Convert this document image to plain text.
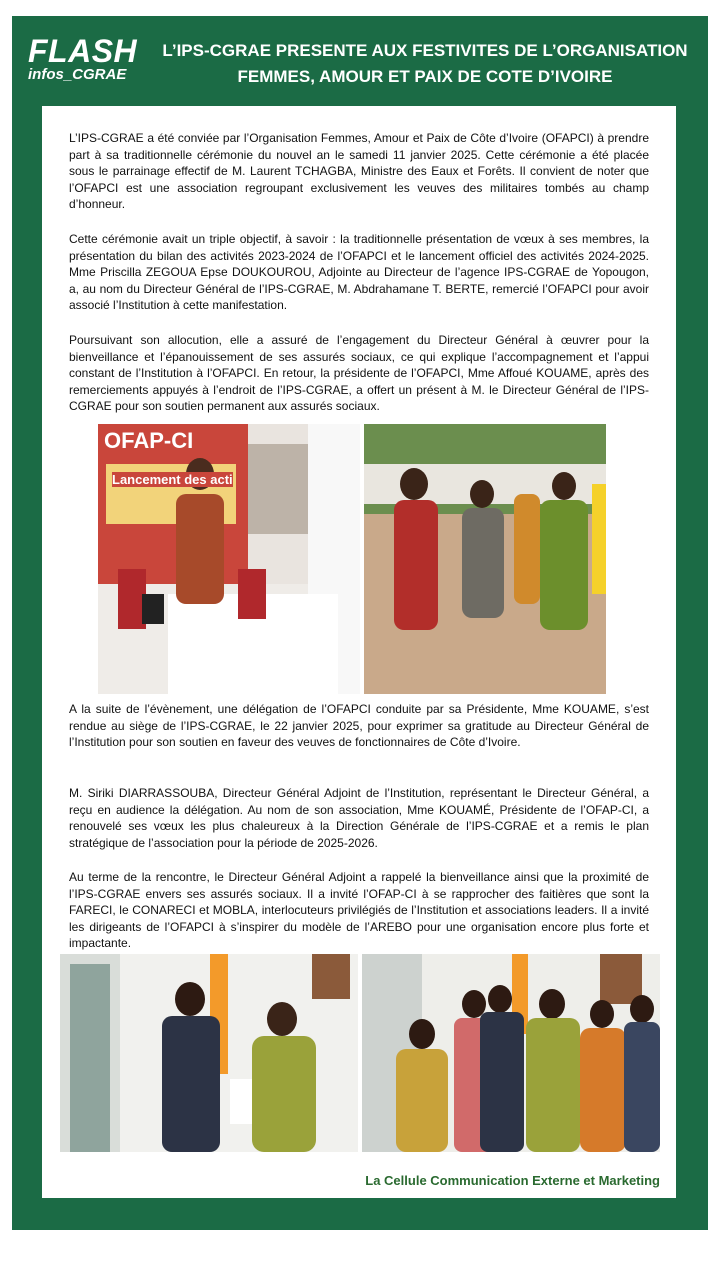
FLASH
infos_CGRAE
L’IPS-CGRAE PRESENTE AUX FESTIVITES DE L’ORGANISATION
FEMMES, AMOUR ET PAIX DE COTE D’IVOIRE

L’IPS-CGRAE a été conviée par l’Organisation Femmes, Amour et Paix de Côte d’Ivoire (OFAPCI) à prendre part à sa traditionnelle cérémonie du nouvel an le samedi 11 janvier 2025. Cette cérémonie a été placée sous le parrainage effectif de M. Laurent TCHAGBA, Ministre des Eaux et Forêts. Il convient de noter que l’OFAPCI est une association regroupant exclusivement les veuves des militaires tombés au champ d’honneur.

Cette cérémonie avait un triple objectif, à savoir : la traditionnelle présentation de vœux à ses membres, la présentation du bilan des activités 2023-2024 de l’OFAPCI et le lancement officiel des activités 2024-2025. Mme Priscilla ZEGOUA Epse DOUKOUROU, Adjointe au Directeur de l’agence IPS-CGRAE de Yopougon, a, au nom du Directeur Général de l’IPS-CGRAE, M. Abdrahamane T. BERTE, remercié l’OFAPCI pour avoir associé l’Institution à cette manifestation.

Poursuivant son allocution, elle a assuré de l’engagement du Directeur Général à œuvrer pour la bienveillance et l’épanouissement de ses assurés sociaux, ce qui explique l’accompagnement et l’appui constant de l’Institution à l’OFAPCI. En retour, la présidente de l’OFAPCI, Mme Affoué KOUAME, après des remerciements appuyés à l’endroit de l’IPS-CGRAE, a offert un présent à M. le Directeur Général de l’IPS-CGRAE pour son soutien permanent aux assurés sociaux.

OFAP-CI
Lancement des acti

A la suite de l’évènement, une délégation de l’OFAPCI conduite par sa Présidente, Mme KOUAME, s’est rendue au siège de l’IPS-CGRAE, le 22 janvier 2025, pour exprimer sa gratitude au Directeur Général de l’Institution pour son soutien en faveur des veuves de fonctionnaires de Côte d’Ivoire.

M. Siriki DIARRASSOUBA, Directeur Général Adjoint de l’Institution, représentant le Directeur Général, a reçu en audience la délégation. Au nom de son association, Mme KOUAMÉ, Présidente de l’OFAP-CI, a renouvelé ses vœux les plus chaleureux à la Direction Générale de l’IPS-CGRAE et a remis le plan stratégique de l’association pour la période de 2025-2026.

Au terme de la rencontre, le Directeur Général Adjoint a rappelé la bienveillance ainsi que la proximité de l’IPS-CGRAE envers ses assurés sociaux. Il a invité l’OFAP-CI à se rapprocher des faitières que sont la FARECI, le CONARECI et MOBLA, interlocuteurs privilégiés de l’Institution et associations leaders. Il a invité les dirigeants de l’OFAPCI à s’inspirer du modèle de l’AREBO pour une organisation encore plus forte et impactante.

La Cellule Communication Externe et Marketing
